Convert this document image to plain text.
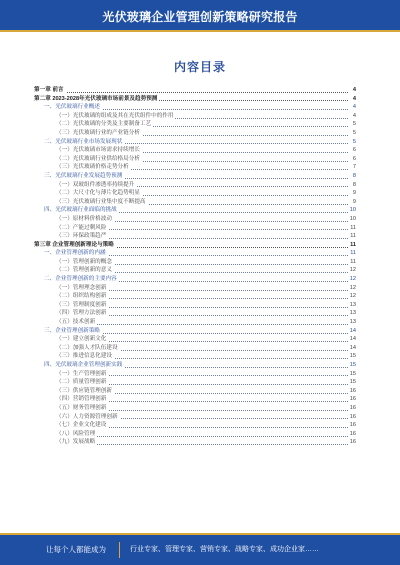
光伏玻璃企业管理创新策略研究报告
内容目录
第一章 前言	4
第二章 2023-2028年光伏玻璃市场前景及趋势预测	4
一、光伏玻璃行业概述	4
（一）光伏玻璃的组成及其在光伏组件中的作用	4
（二）光伏玻璃的分类及主要制备工艺	5
（三）光伏玻璃行业的产业链分析	5
二、光伏玻璃行业市场发展现状	5
（一）光伏玻璃市场需求持续增长	6
（二）光伏玻璃行业供给格局分析	6
（三）光伏玻璃价格走势分析	7
三、光伏玻璃行业发展趋势预测	8
（一）双玻组件渗透率持续提升	8
（二）大尺寸化与薄片化趋势明显	9
（三）光伏玻璃行业集中度不断提高	9
四、光伏玻璃行业面临的挑战	10
（一）原材料价格波动	10
（二）产能过剩风险	11
（三）环保政策趋严	11
第三章 企业管理创新理论与策略	11
一、企业管理创新的内涵	11
（一）管理创新的概念	11
（二）管理创新的意义	12
二、企业管理创新的主要内容	12
（一）管理理念创新	12
（二）组织结构创新	12
（三）管理制度创新	13
（四）管理方法创新	13
（五）技术创新	13
三、企业管理创新策略	14
（一）建立创新文化	14
（二）加强人才队伍建设	14
（三）推进信息化建设	15
四、光伏玻璃企业管理创新实践	15
（一）生产管理创新	15
（二）质量管理创新	15
（三）供应链管理创新	16
（四）营销管理创新	16
（五）财务管理创新	16
（六）人力资源管理创新	16
（七）企业文化建设	16
（八）风险管理	16
（九）发展战略	16
让每个人都能成为	行业专家、管理专家、营销专家、战略专家、成功企业家……
